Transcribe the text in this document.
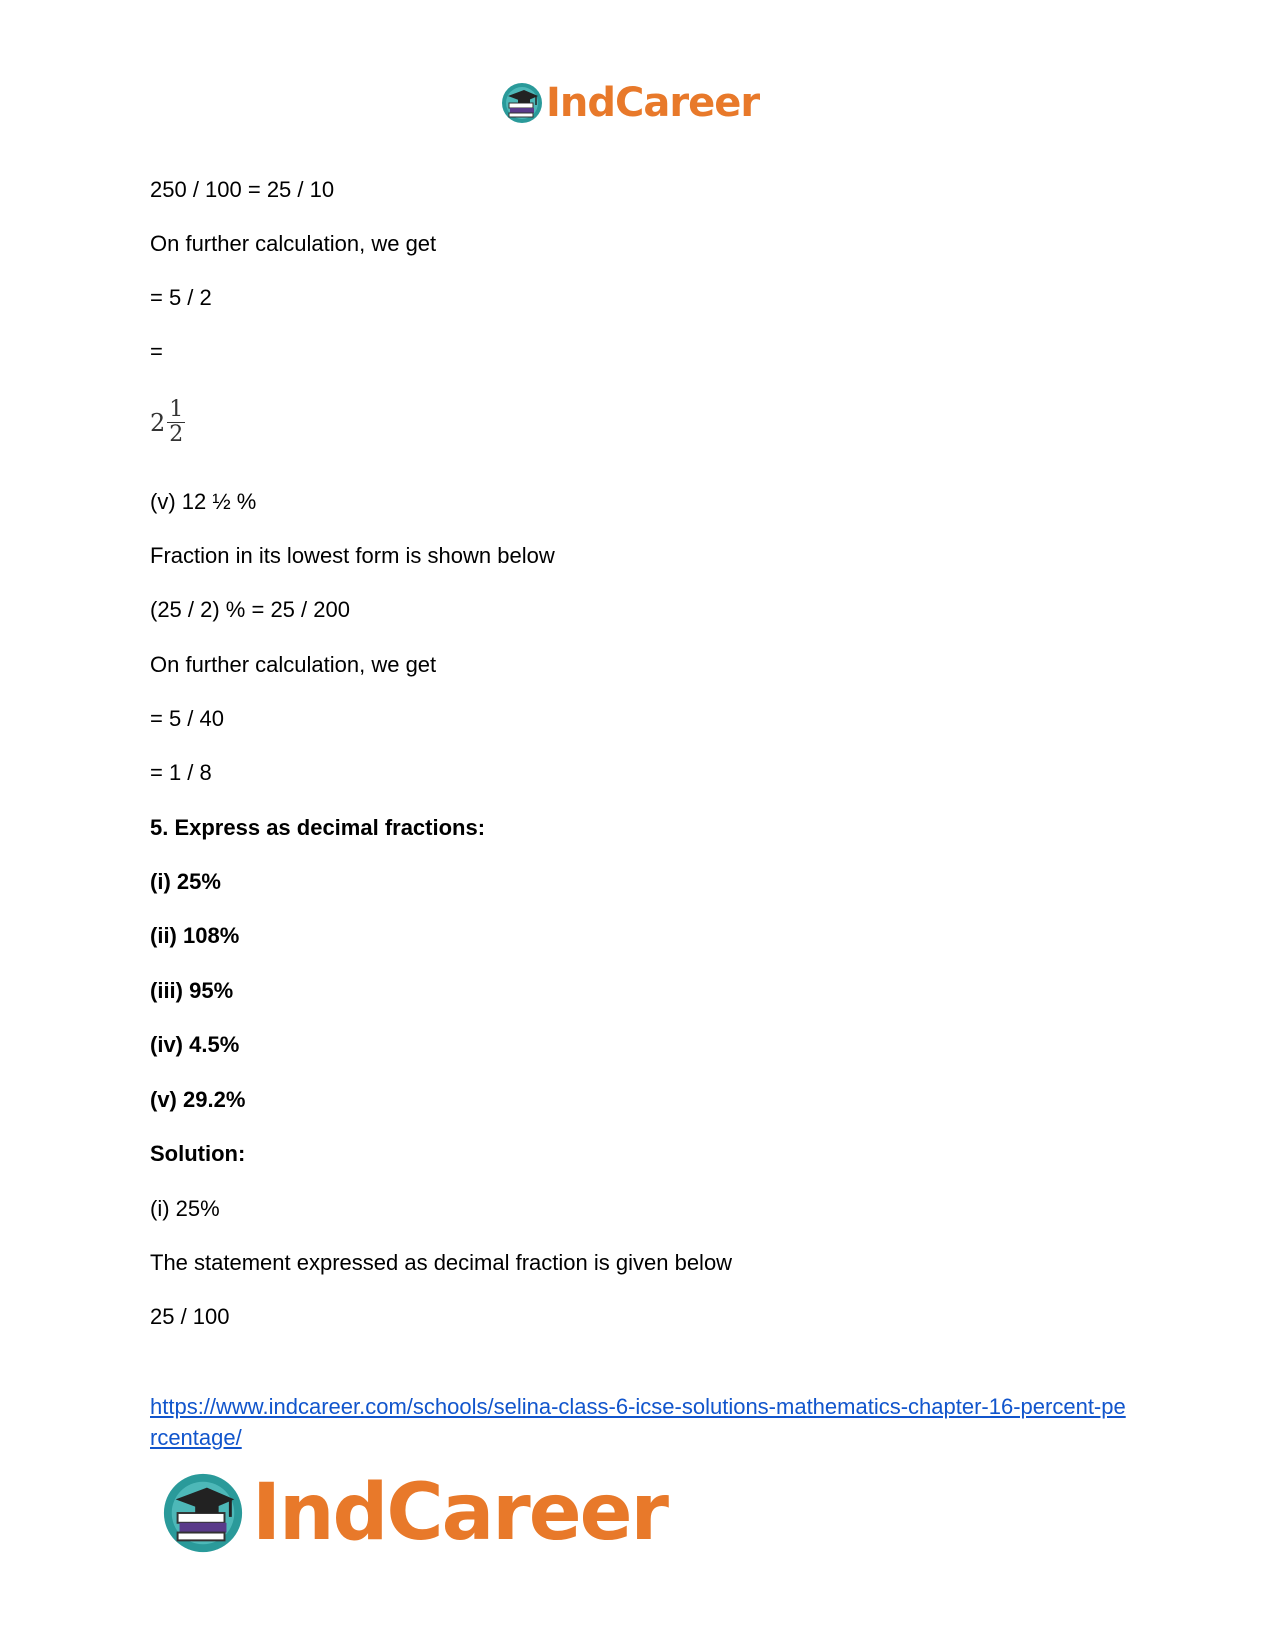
IndCareer
250 / 100 = 25 / 10
On further calculation, we get
= 5 / 2
=
$2 \frac{1}{2}$
(v) 12 ½ %
Fraction in its lowest form is shown below
(25 / 2) % = 25 / 200
On further calculation, we get
= 5 / 40
= 1 / 8
5. Express as decimal fractions:
(i) 25%
(ii) 108%
(iii) 95%
(iv) 4.5%
(v) 29.2%
Solution:
(i) 25%
The statement expressed as decimal fraction is given below
25 / 100
https://www.indcareer.com/schools/selina-class-6-icse-solutions-mathematics-chapter-16-percent-percentage/
IndCareer
